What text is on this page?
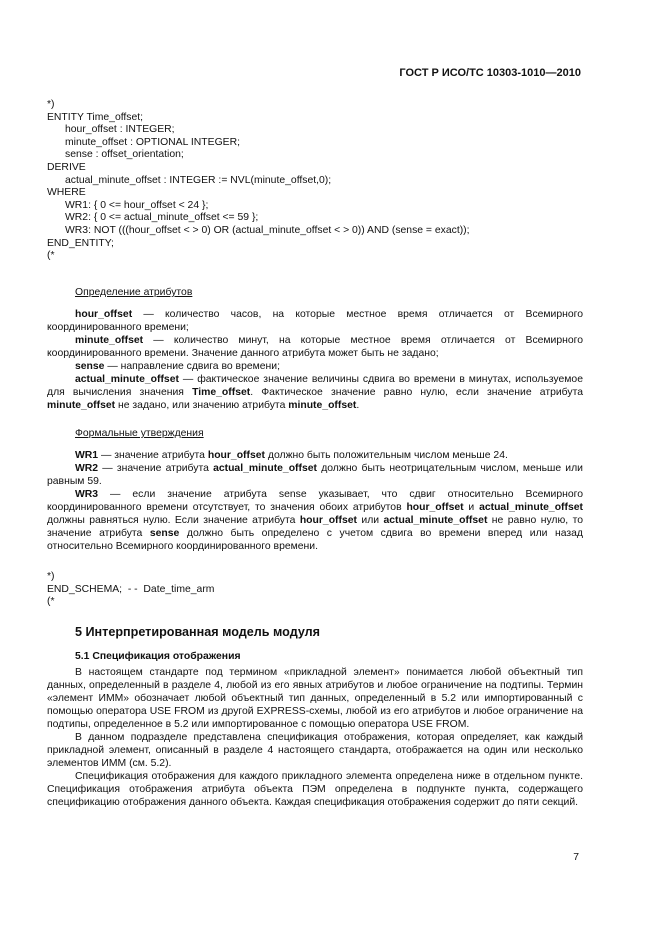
ГОСТ Р ИСО/ТС 10303-1010—2010
*)
ENTITY Time_offset;
hour_offset : INTEGER;
minute_offset : OPTIONAL INTEGER;
sense : offset_orientation;
DERIVE
actual_minute_offset : INTEGER := NVL(minute_offset,0);
WHERE
WR1: { 0 <= hour_offset < 24 };
WR2: { 0 <= actual_minute_offset <= 59 };
WR3: NOT (((hour_offset < > 0) OR (actual_minute_offset < > 0)) AND (sense = exact));
END_ENTITY;
(*

Определение атрибутов

hour_offset — количество часов, на которые местное время отличается от Всемирного координированного времени;

minute_offset — количество минут, на которые местное время отличается от Всемирного координированного времени. Значение данного атрибута может быть не задано;

sense — направление сдвига во времени;

actual_minute_offset — фактическое значение величины сдвига во времени в минутах, используемое для вычисления значения Time_offset. Фактическое значение равно нулю, если значение атрибута minute_offset не задано, или значению атрибута minute_offset.

Формальные утверждения

WR1 — значение атрибута hour_offset должно быть положительным числом меньше 24.

WR2 — значение атрибута actual_minute_offset должно быть неотрицательным числом, меньше или равным 59.

WR3 — если значение атрибута sense указывает, что сдвиг относительно Всемирного координированного времени отсутствует, то значения обоих атрибутов hour_offset и actual_minute_offset должны равняться нулю. Если значение атрибута hour_offset или actual_minute_offset не равно нулю, то значение атрибута sense должно быть определено с учетом сдвига во времени вперед или назад относительно Всемирного координированного времени.

*)
END_SCHEMA;  - -  Date_time_arm
(*
5 Интерпретированная модель модуля
5.1 Спецификация отображения

В настоящем стандарте под термином «прикладной элемент» понимается любой объектный тип данных, определенный в разделе 4, любой из его явных атрибутов и любое ограничение на подтипы. Термин «элемент ИММ» обозначает любой объектный тип данных, определенный в 5.2 или импортированный с помощью оператора USE FROM из другой EXPRESS-схемы, любой из его атрибутов и любое ограничение на подтипы, определенное в 5.2 или импортированное с помощью оператора USE FROM.

В данном подразделе представлена спецификация отображения, которая определяет, как каждый прикладной элемент, описанный в разделе 4 настоящего стандарта, отображается на один или несколько элементов ИММ (см. 5.2).

Спецификация отображения для каждого прикладного элемента определена ниже в отдельном пункте. Спецификация отображения атрибута объекта ПЭМ определена в подпункте пункта, содержащего спецификацию отображения данного объекта. Каждая спецификация отображения содержит до пяти секций.

7
